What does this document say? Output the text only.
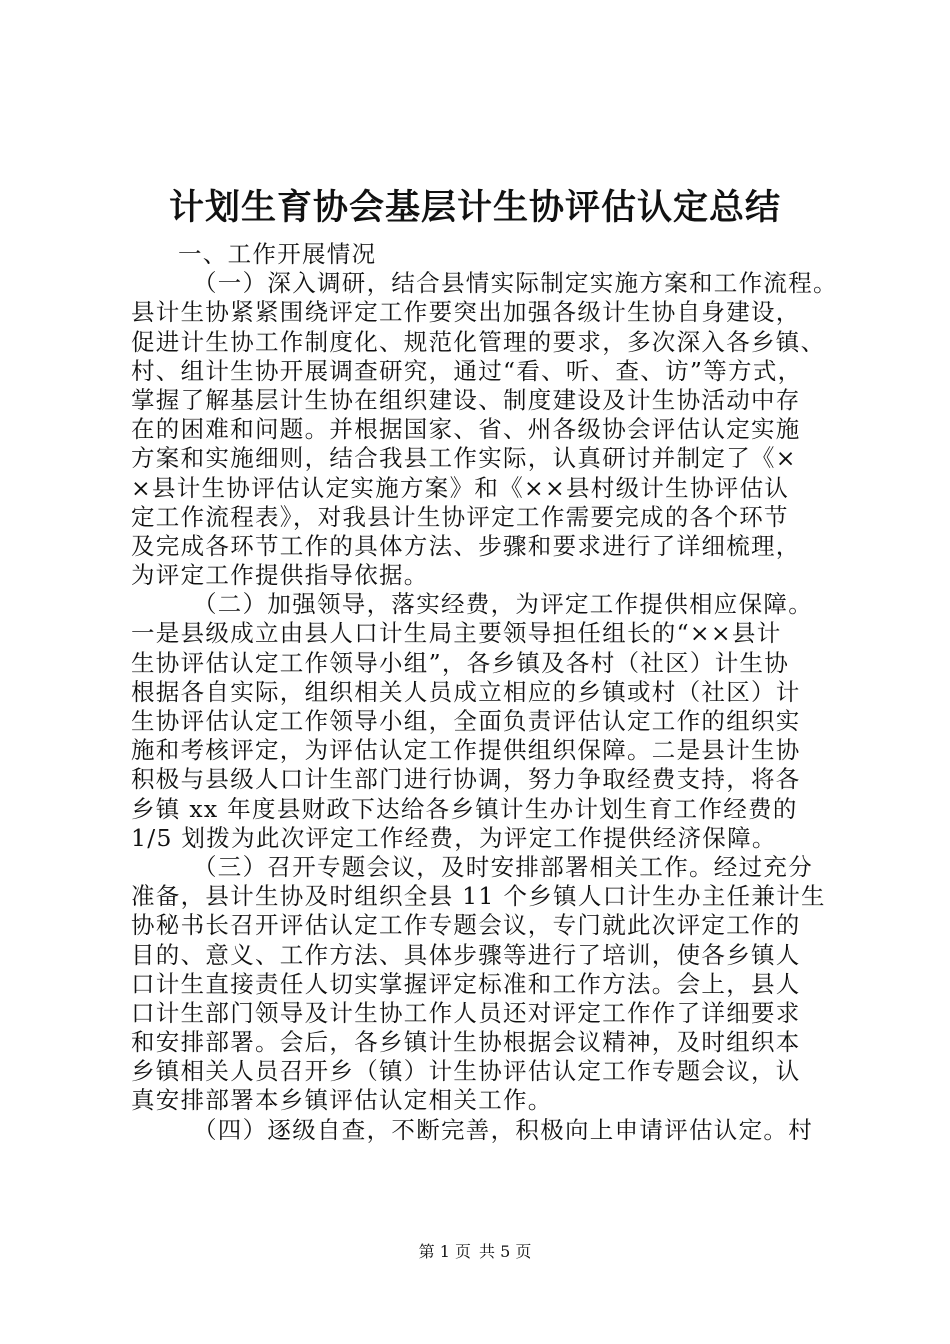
计划生育协会基层计生协评估认定总结
一、工作开展情况
（一）深入调研，结合县情实际制定实施方案和工作流程。
县计生协紧紧围绕评定工作要突出加强各级计生协自身建设，
促进计生协工作制度化、规范化管理的要求，多次深入各乡镇、
村、组计生协开展调查研究，通过“看、听、查、访”等方式，
掌握了解基层计生协在组织建设、制度建设及计生协活动中存
在的困难和问题。并根据国家、省、州各级协会评估认定实施
方案和实施细则，结合我县工作实际，认真研讨并制定了《×
×县计生协评估认定实施方案》和《××县村级计生协评估认
定工作流程表》，对我县计生协评定工作需要完成的各个环节
及完成各环节工作的具体方法、步骤和要求进行了详细梳理，
为评定工作提供指导依据。
（二）加强领导，落实经费，为评定工作提供相应保障。
一是县级成立由县人口计生局主要领导担任组长的“××县计
生协评估认定工作领导小组”，各乡镇及各村（社区）计生协
根据各自实际，组织相关人员成立相应的乡镇或村（社区）计
生协评估认定工作领导小组，全面负责评估认定工作的组织实
施和考核评定，为评估认定工作提供组织保障。二是县计生协
积极与县级人口计生部门进行协调，努力争取经费支持，将各
乡镇 xx 年度县财政下达给各乡镇计生办计划生育工作经费的
1/5 划拨为此次评定工作经费，为评定工作提供经济保障。
（三）召开专题会议，及时安排部署相关工作。经过充分
准备，县计生协及时组织全县 11 个乡镇人口计生办主任兼计生
协秘书长召开评估认定工作专题会议，专门就此次评定工作的
目的、意义、工作方法、具体步骤等进行了培训，使各乡镇人
口计生直接责任人切实掌握评定标准和工作方法。会上，县人
口计生部门领导及计生协工作人员还对评定工作作了详细要求
和安排部署。会后，各乡镇计生协根据会议精神，及时组织本
乡镇相关人员召开乡（镇）计生协评估认定工作专题会议，认
真安排部署本乡镇评估认定相关工作。
（四）逐级自查，不断完善，积极向上申请评估认定。村
第 1 页 共 5 页
